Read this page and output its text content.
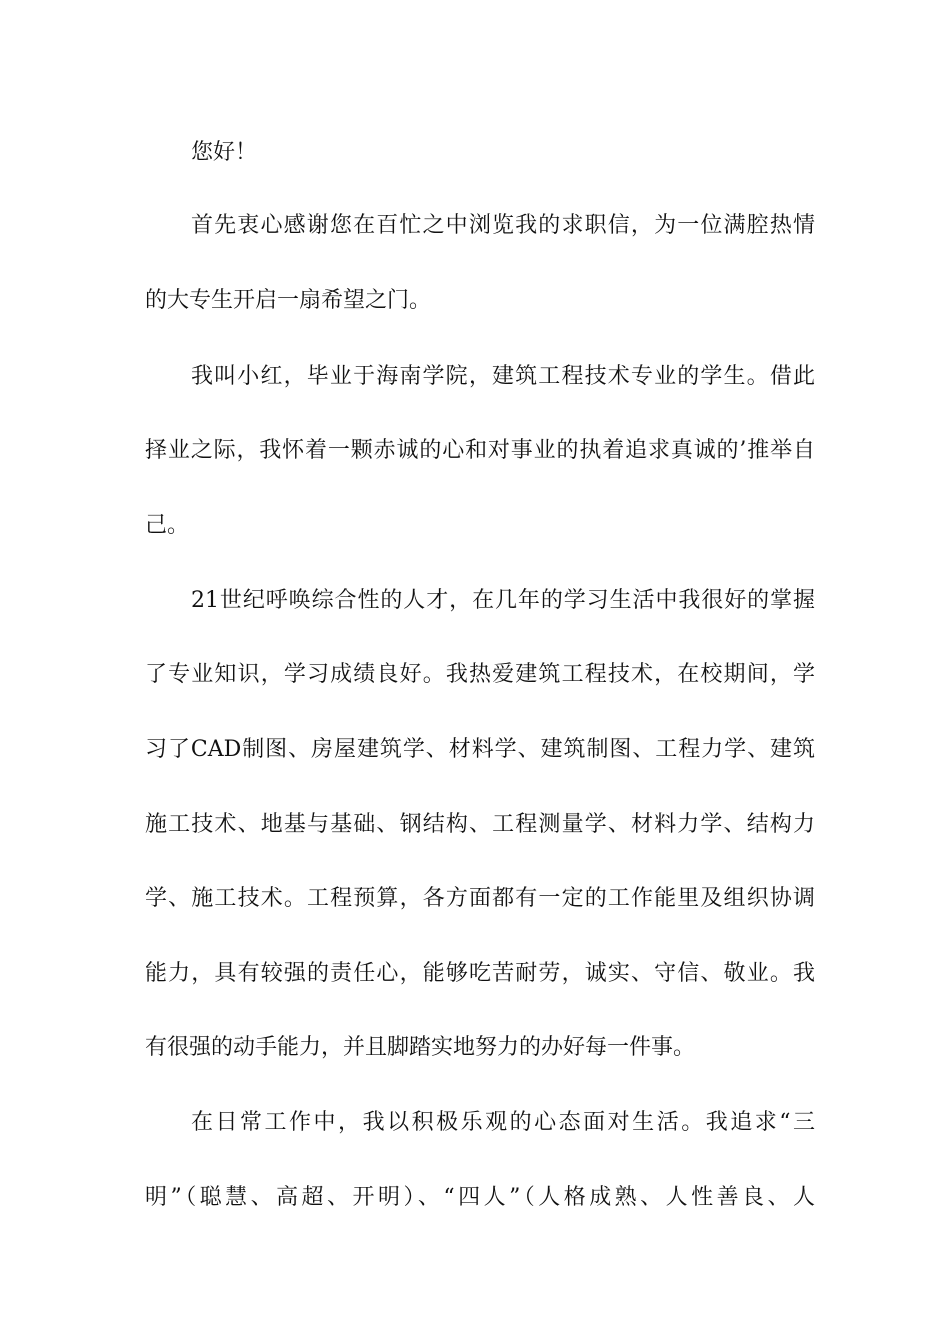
您好！
首先衷心感谢您在百忙之中浏览我的求职信，为一位满腔热情
的大专生开启一扇希望之门。
我叫小红，毕业于海南学院，建筑工程技术专业的学生。借此
择业之际，我怀着一颗赤诚的心和对事业的执着追求真诚的’推举自
己。
21世纪呼唤综合性的人才，在几年的学习生活中我很好的掌握
了专业知识，学习成绩良好。我热爱建筑工程技术，在校期间，学
习了CAD制图、房屋建筑学、材料学、建筑制图、工程力学、建筑
施工技术、地基与基础、钢结构、工程测量学、材料力学、结构力
学、施工技术。工程预算，各方面都有一定的工作能里及组织协调
能力，具有较强的责任心，能够吃苦耐劳，诚实、守信、敬业。我
有很强的动手能力，并且脚踏实地努力的办好每一件事。
在日常工作中，我以积极乐观的心态面对生活。我追求“三
明”（聪慧、高超、开明）、“四人”（人格成熟、人性善良、人
